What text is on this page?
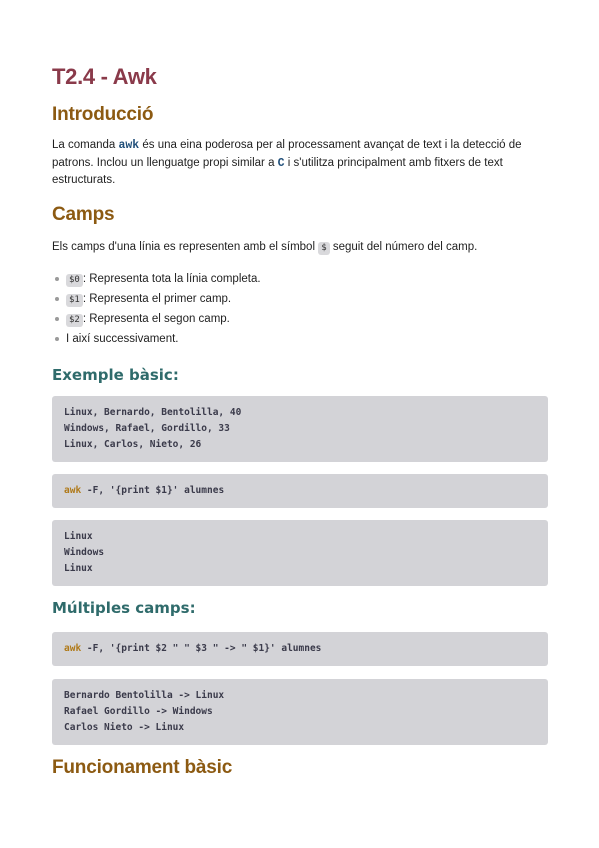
T2.4 - Awk
Introducció

La comanda awk és una eina poderosa per al processament avançat de text i la detecció de patrons. Inclou un llenguatge propi similar a C i s'utilitza principalment amb fitxers de text estructurats.

Camps

Els camps d'una línia es representen amb el símbol $ seguit del número del camp.

$0 : Representa tota la línia completa.
$1 : Representa el primer camp.
$2 : Representa el segon camp.
I així successivament.
Exemple bàsic:
Linux, Bernardo, Bentolilla, 40
Windows, Rafael, Gordillo, 33
Linux, Carlos, Nieto, 26
awk -F, '{print $1}' alumnes
Linux
Windows
Linux
Múltiples camps:
awk -F, '{print $2 " " $3 " -> " $1}' alumnes
Bernardo Bentolilla -> Linux
Rafael Gordillo -> Windows
Carlos Nieto -> Linux
Funcionament bàsic
